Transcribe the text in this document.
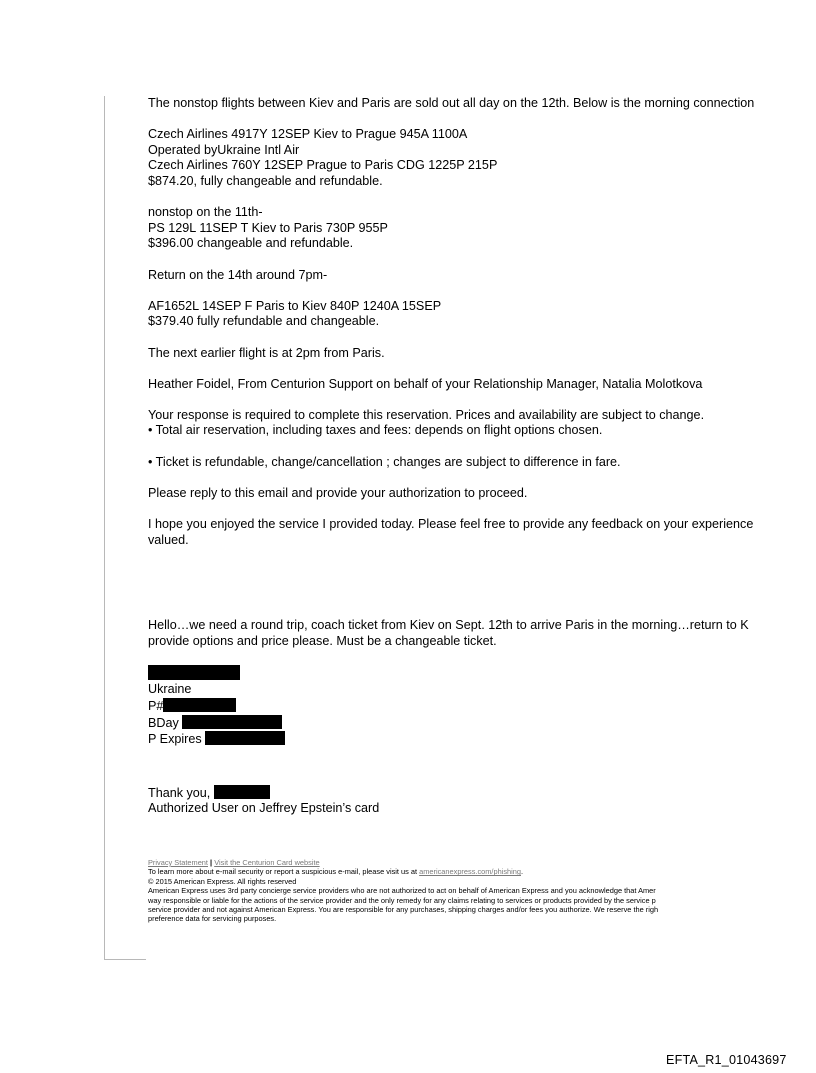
The nonstop flights between Kiev and Paris are sold out all day on the 12th. Below is the morning connection

Czech Airlines 4917Y 12SEP Kiev to Prague 945A 1100A

Operated byUkraine Intl Air

Czech Airlines 760Y 12SEP Prague to Paris CDG 1225P 215P

$874.20, fully changeable and refundable.

nonstop on the 11th-

PS 129L 11SEP T Kiev to Paris 730P 955P

$396.00 changeable and refundable.

Return on the 14th around 7pm-

AF1652L 14SEP F Paris to Kiev 840P 1240A 15SEP

$379.40 fully refundable and changeable.

The next earlier flight is at 2pm from Paris.

Heather Foidel, From Centurion Support on behalf of your Relationship Manager, Natalia Molotkova

Your response is required to complete this reservation. Prices and availability are subject to change.

• Total air reservation, including taxes and fees: depends on flight options chosen.

• Ticket is refundable, change/cancellation ; changes are subject to difference in fare.

Please reply to this email and provide your authorization to proceed.

I hope you enjoyed the service I provided today. Please feel free to provide any feedback on your experience

valued.

Hello…we need a round trip, coach ticket from Kiev on Sept. 12th to arrive Paris in the morning…return to K

provide options and price please. Must be a changeable ticket.

Ukraine

P#

BDay

P Expires

Thank you,

Authorized User on Jeffrey Epstein’s card

Privacy Statement | Visit the Centurion Card website

To learn more about e-mail security or report a suspicious e-mail, please visit us at americanexpress.com/phishing.

© 2015 American Express. All rights reserved

American Express uses 3rd party concierge service providers who are not authorized to act on behalf of American Express and you acknowledge that Amer

way responsible or liable for the actions of the service provider and the only remedy for any claims relating to services or products provided by the service p

service provider and not against American Express. You are responsible for any purchases, shipping charges and/or fees you authorize. We reserve the righ

preference data for servicing purposes.

EFTA_R1_01043697
